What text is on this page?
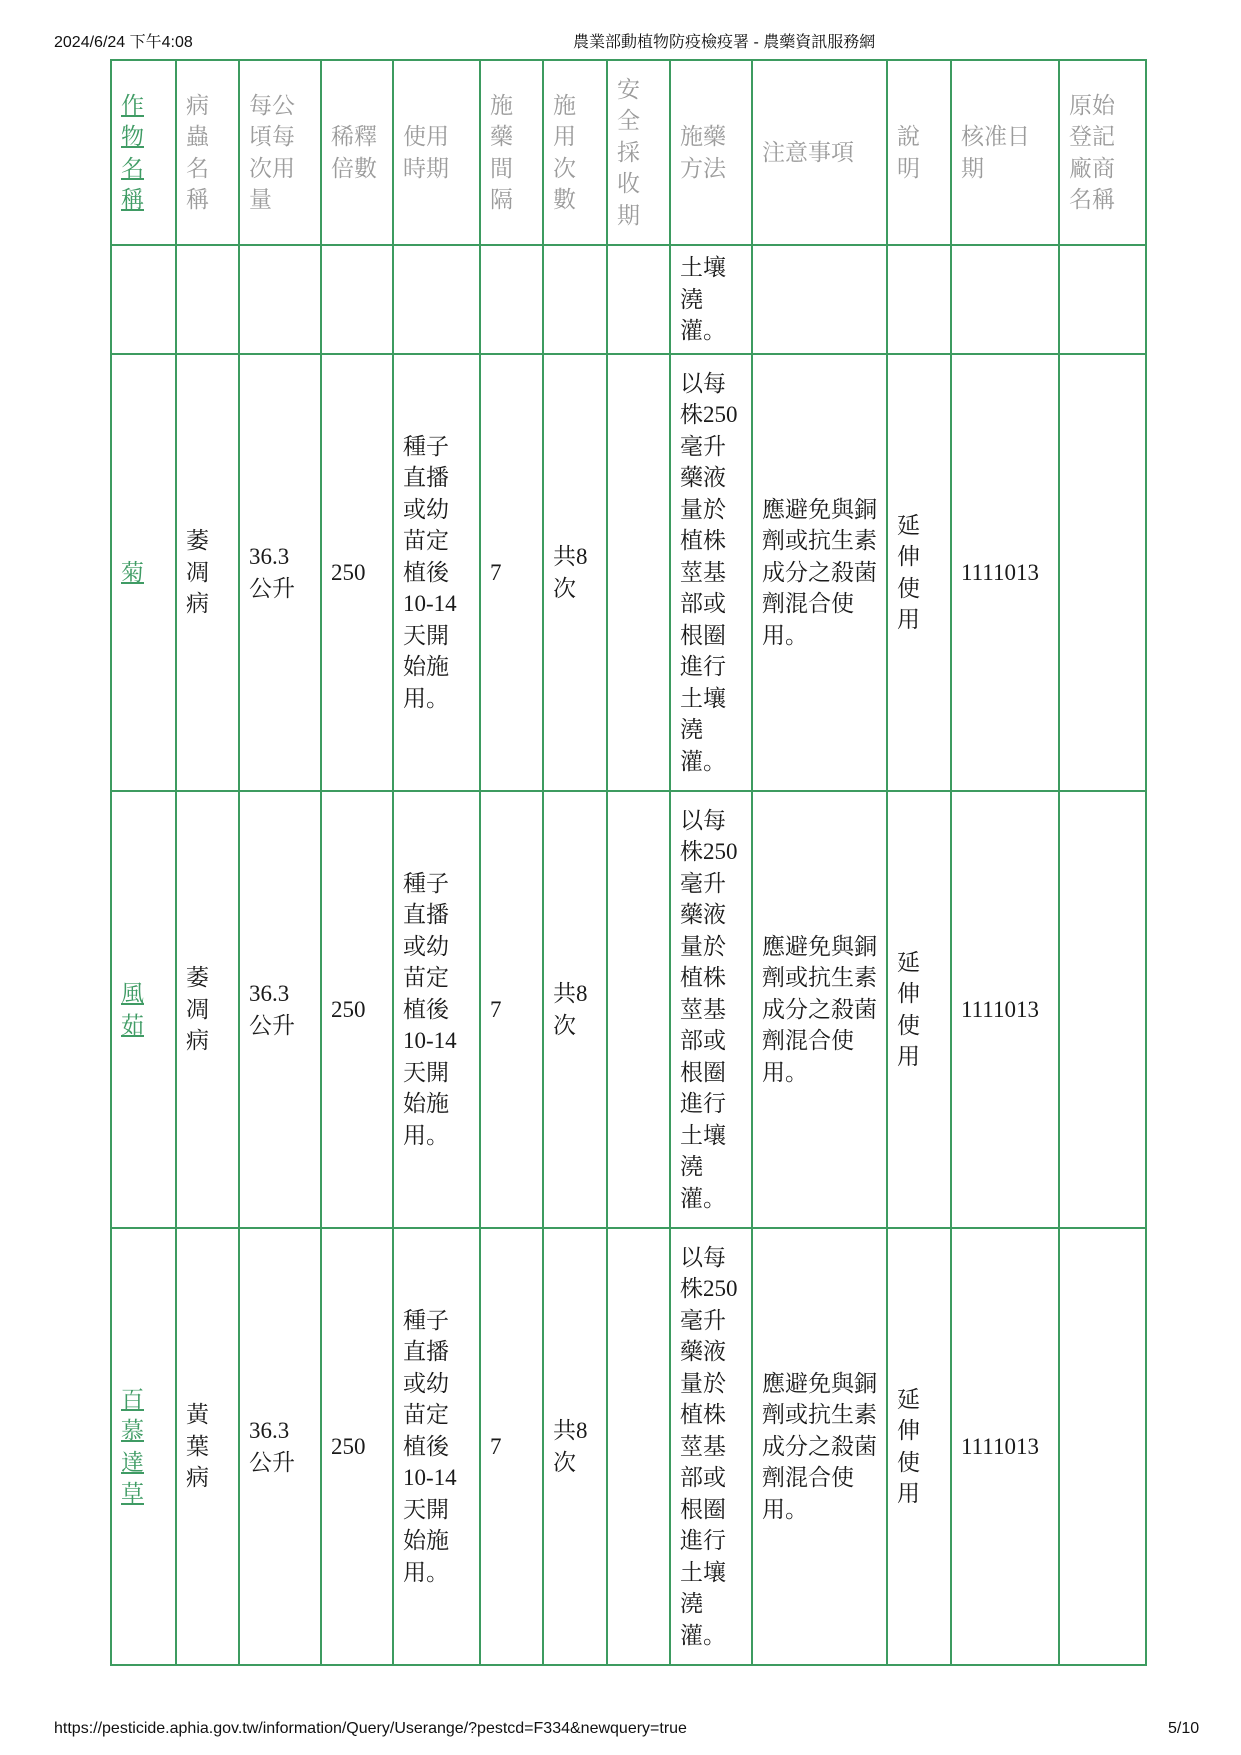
2024/6/24 下午4:08	農業部動植物防疫檢疫署 - 農藥資訊服務網
作物名稱	病蟲名稱	每公頃每次用量	稀釋倍數	使用時期	施藥間隔	施用次數	安全採收期	施藥方法	注意事項	說明	核准日期	原始登記廠商名稱

								土壤澆灌。				

菊	萎凋病	36.3公升	250	種子直播或幼苗定植後10-14天開始施用。	7	共8次		以每株250毫升藥液量於植株莖基部或根圈進行土壤澆灌。	應避免與銅劑或抗生素成分之殺菌劑混合使用。	延伸使用	1111013	

風茹	萎凋病	36.3公升	250	種子直播或幼苗定植後10-14天開始施用。	7	共8次		以每株250毫升藥液量於植株莖基部或根圈進行土壤澆灌。	應避免與銅劑或抗生素成分之殺菌劑混合使用。	延伸使用	1111013	

百慕達草	黃葉病	36.3公升	250	種子直播或幼苗定植後10-14天開始施用。	7	共8次		以每株250毫升藥液量於植株莖基部或根圈進行土壤澆灌。	應避免與銅劑或抗生素成分之殺菌劑混合使用。	延伸使用	1111013	
https://pesticide.aphia.gov.tw/information/Query/Userange/?pestcd=F334&newquery=true	5/10
